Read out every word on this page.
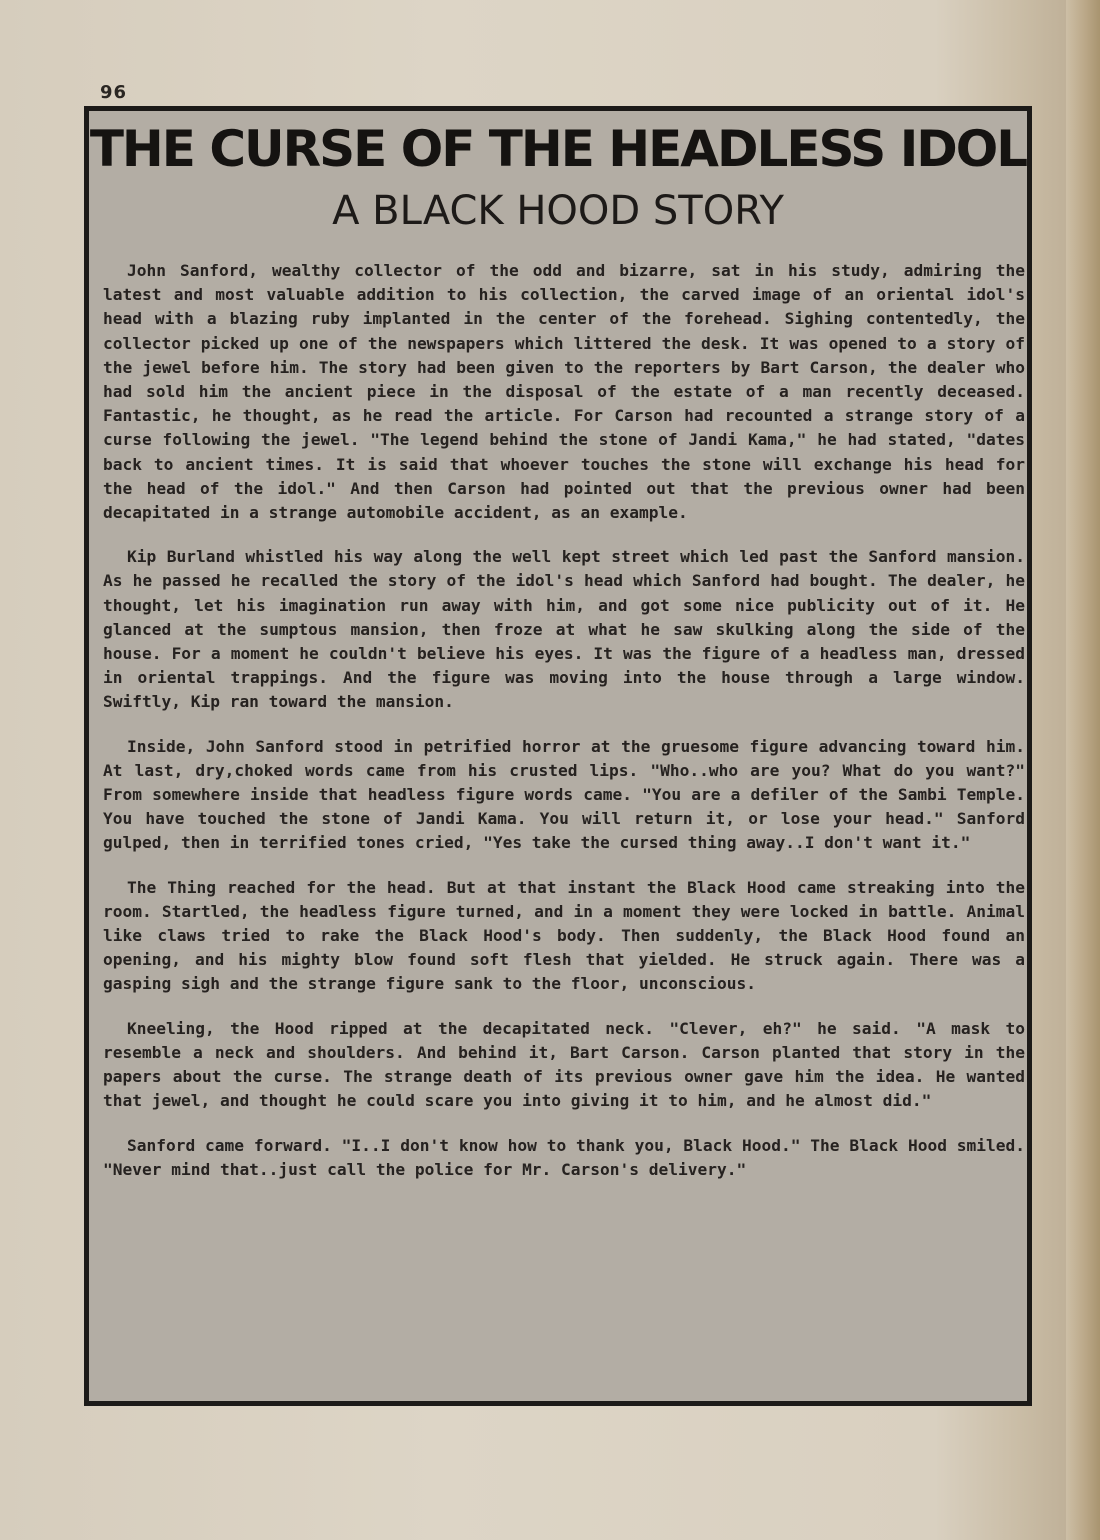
96
THE CURSE OF THE HEADLESS IDOL
A BLACK HOOD STORY

John Sanford, wealthy collector of the odd and bizarre, sat in his study, admiring the latest and most valuable addition to his collection, the carved image of an oriental idol's head with a blazing ruby implanted in the center of the forehead. Sighing contentedly, the collector picked up one of the newspapers which littered the desk. It was opened to a story of the jewel before him. The story had been given to the reporters by Bart Carson, the dealer who had sold him the ancient piece in the disposal of the estate of a man recently deceased. Fantastic, he thought, as he read the article. For Carson had recounted a strange story of a curse following the jewel. "The legend behind the stone of Jandi Kama," he had stated, "dates back to ancient times. It is said that whoever touches the stone will exchange his head for the head of the idol." And then Carson had pointed out that the previous owner had been decapitated in a strange automobile accident, as an example.

Kip Burland whistled his way along the well kept street which led past the Sanford mansion. As he passed he recalled the story of the idol's head which Sanford had bought. The dealer, he thought, let his imagination run away with him, and got some nice publicity out of it. He glanced at the sumptous mansion, then froze at what he saw skulking along the side of the house. For a moment he couldn't believe his eyes. It was the figure of a headless man, dressed in oriental trappings. And the figure was moving into the house through a large window. Swiftly, Kip ran toward the mansion.

Inside, John Sanford stood in petrified horror at the gruesome figure advancing toward him. At last, dry,choked words came from his crusted lips. "Who..who are you? What do you want?" From somewhere inside that headless figure words came. "You are a defiler of the Sambi Temple. You have touched the stone of Jandi Kama. You will return it, or lose your head." Sanford gulped, then in terrified tones cried, "Yes take the cursed thing away..I don't want it."

The Thing reached for the head. But at that instant the Black Hood came streaking into the room. Startled, the headless figure turned, and in a moment they were locked in battle. Animal like claws tried to rake the Black Hood's body. Then suddenly, the Black Hood found an opening, and his mighty blow found soft flesh that yielded. He struck again. There was a gasping sigh and the strange figure sank to the floor, unconscious.

Kneeling, the Hood ripped at the decapitated neck. "Clever, eh?" he said. "A mask to resemble a neck and shoulders. And behind it, Bart Carson. Carson planted that story in the papers about the curse. The strange death of its previous owner gave him the idea. He wanted that jewel, and thought he could scare you into giving it to him, and he almost did."

Sanford came forward. "I..I don't know how to thank you, Black Hood." The Black Hood smiled. "Never mind that..just call the police for Mr. Carson's delivery."
